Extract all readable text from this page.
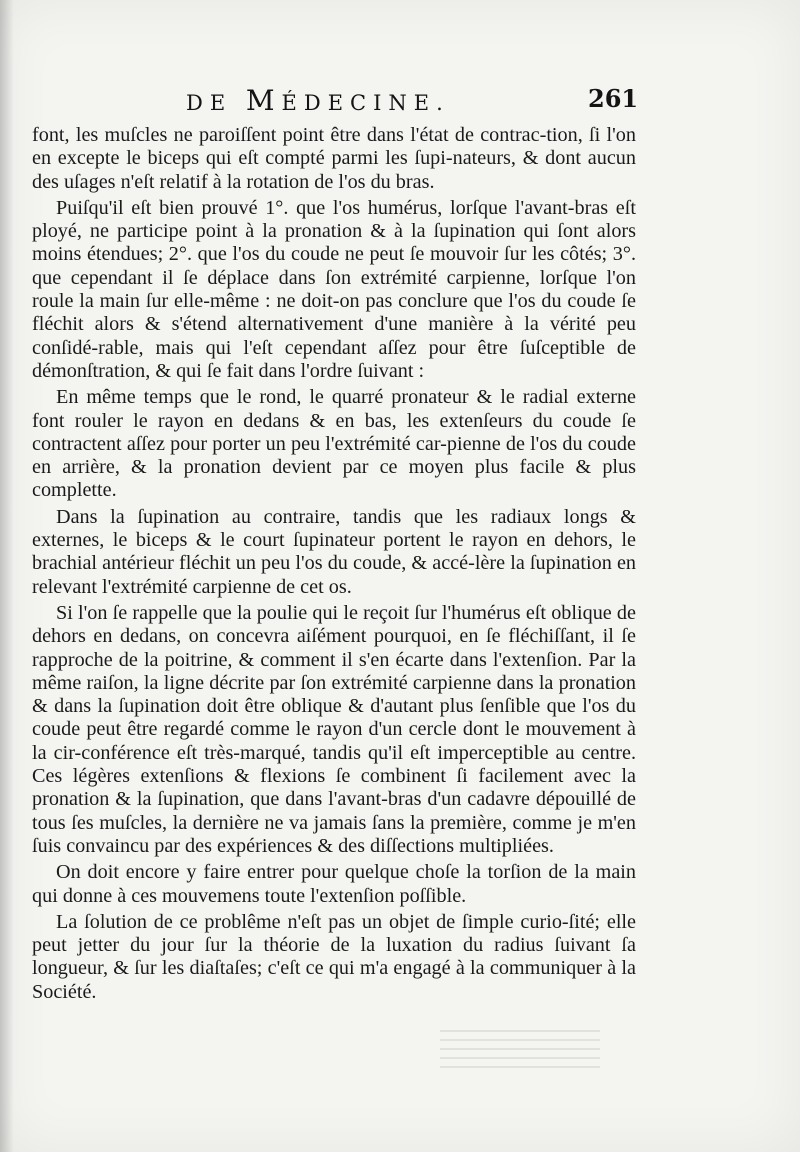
DE MÉDECINE.	261

font, les muſcles ne paroiſſent point être dans l'état de contrac-tion, ſi l'on en excepte le biceps qui eſt compté parmi les ſupi-nateurs, & dont aucun des uſages n'eſt relatif à la rotation de l'os du bras.

Puiſqu'il eſt bien prouvé 1°. que l'os humérus, lorſque l'avant-bras eſt ployé, ne participe point à la pronation & à la ſupination qui ſont alors moins étendues; 2°. que l'os du coude ne peut ſe mouvoir ſur les côtés; 3°. que cependant il ſe déplace dans ſon extrémité carpienne, lorſque l'on roule la main ſur elle-même : ne doit-on pas conclure que l'os du coude ſe fléchit alors & s'étend alternativement d'une manière à la vérité peu conſidé-rable, mais qui l'eſt cependant aſſez pour être ſuſceptible de démonſtration, & qui ſe fait dans l'ordre ſuivant :

En même temps que le rond, le quarré pronateur & le radial externe font rouler le rayon en dedans & en bas, les extenſeurs du coude ſe contractent aſſez pour porter un peu l'extrémité car-pienne de l'os du coude en arrière, & la pronation devient par ce moyen plus facile & plus complette.

Dans la ſupination au contraire, tandis que les radiaux longs & externes, le biceps & le court ſupinateur portent le rayon en dehors, le brachial antérieur fléchit un peu l'os du coude, & accé-lère la ſupination en relevant l'extrémité carpienne de cet os.

Si l'on ſe rappelle que la poulie qui le reçoit ſur l'humérus eſt oblique de dehors en dedans, on concevra aiſément pourquoi, en ſe fléchiſſant, il ſe rapproche de la poitrine, & comment il s'en écarte dans l'extenſion. Par la même raiſon, la ligne décrite par ſon extrémité carpienne dans la pronation & dans la ſupination doit être oblique & d'autant plus ſenſible que l'os du coude peut être regardé comme le rayon d'un cercle dont le mouvement à la cir-conférence eſt très-marqué, tandis qu'il eſt imperceptible au centre. Ces légères extenſions & flexions ſe combinent ſi facilement avec la pronation & la ſupination, que dans l'avant-bras d'un cadavre dépouillé de tous ſes muſcles, la dernière ne va jamais ſans la première, comme je m'en ſuis convaincu par des expériences & des diſſections multipliées.

On doit encore y faire entrer pour quelque choſe la torſion de la main qui donne à ces mouvemens toute l'extenſion poſſible.

La ſolution de ce problême n'eſt pas un objet de ſimple curio-ſité; elle peut jetter du jour ſur la théorie de la luxation du radius ſuivant ſa longueur, & ſur les diaſtaſes; c'eſt ce qui m'a engagé à la communiquer à la Société.
